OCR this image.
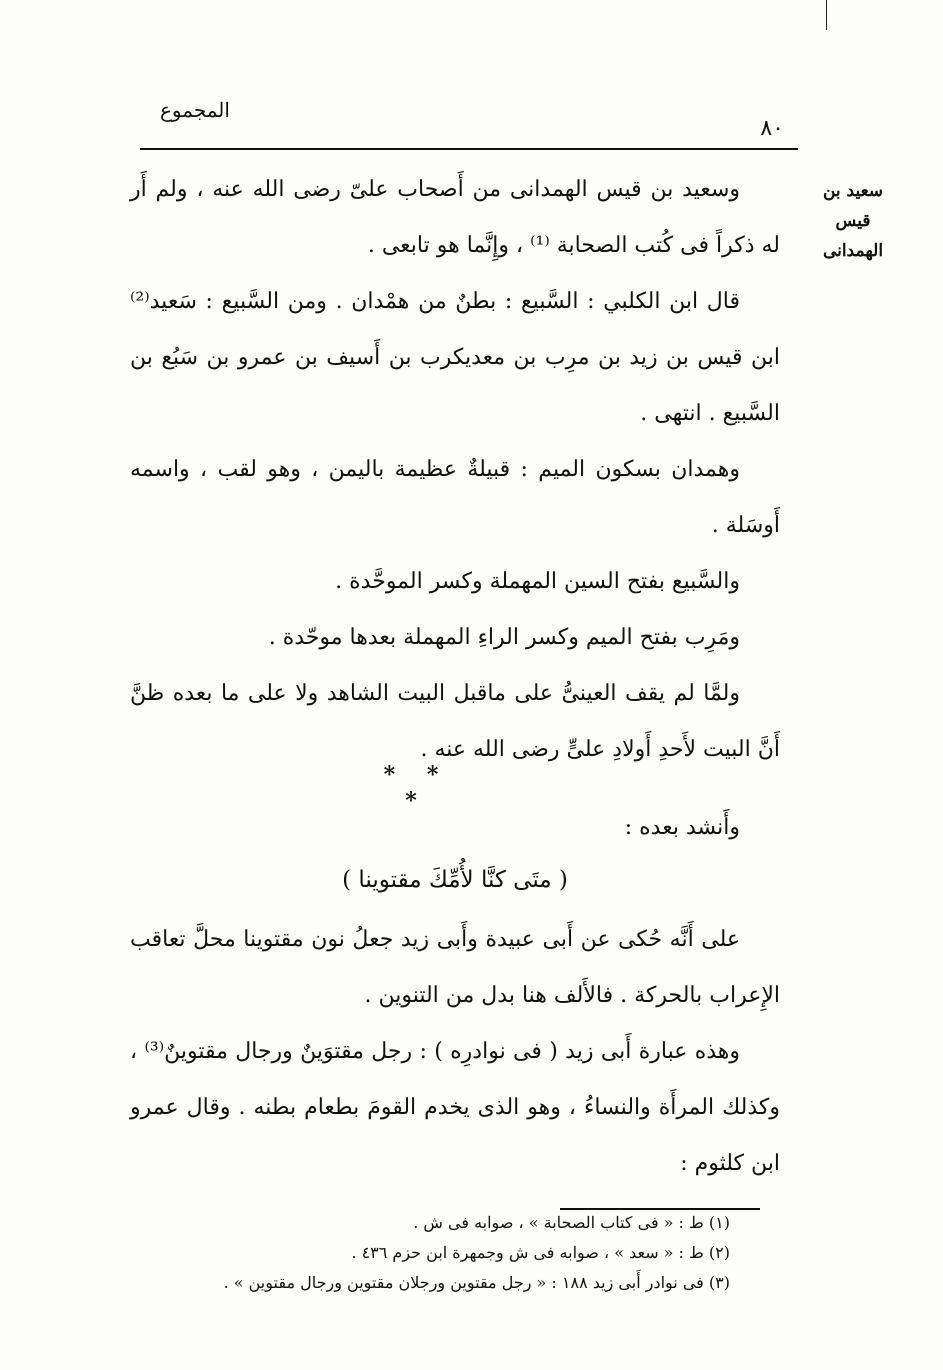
المجموع
٨٠
سعيد بن
قيس الهمدانى

وسعيد بن قيس الهمدانى من أَصحاب علىّ رضى الله عنه ، ولم أَر له ذكراً فى كُتب الصحابة ⁽¹⁾ ، وإِنَّما هو تابعى .

قال ابن الكلبي : السَّبيع : بطنٌ من همْدان . ومن السَّبيع : سَعيد⁽²⁾ ابن قيس بن زيد بن مرِب بن معديكرب بن أَسيف بن عمرو بن سَبُع بن السَّبيع . انتهى .

وهمدان بسكون الميم : قبيلةٌ عظيمة باليمن ، وهو لقب ، واسمه أَوسَلة .

والسَّبيع بفتح السين المهملة وكسر الموحَّدة .

ومَرِب بفتح الميم وكسر الراءِ المهملة بعدها موحّدة .

ولمَّا لم يقف العينىُّ على ماقبل البيت الشاهد ولا على ما بعده ظنَّ أَنَّ البيت لأَحدِ أَولادِ علىٍّ رضى الله عنه .

* * *

وأَنشد بعده :

( متَى كنَّا لأُمِّكَ مقتوينا )

على أَنَّه حُكى عن أَبى عبيدة وأَبى زيد جعلُ نون مقتوينا محلَّ تعاقب الإِعراب بالحركة . فالأَلف هنا بدل من التنوين .

وهذه عبارة أَبى زيد ( فى نوادرِه ) : رجل مقتوَينٌ ورجال مقتوينٌ⁽³⁾ ، وكذلك المرأَة والنساءُ ، وهو الذى يخدم القومَ بطعام بطنه . وقال عمرو ابن كلثوم :

(١) ط : « فى كتاب الصحابة » ، صوابه فى ش .

(٢) ط : « سعد » ، صوابه فى ش وجمهرة ابن حزم ٤٣٦ .

(٣) فى نوادر أَبى زيد ١٨٨ : « رجل مقتوين ورجلان مقتوين ورجال مقتوين » .
